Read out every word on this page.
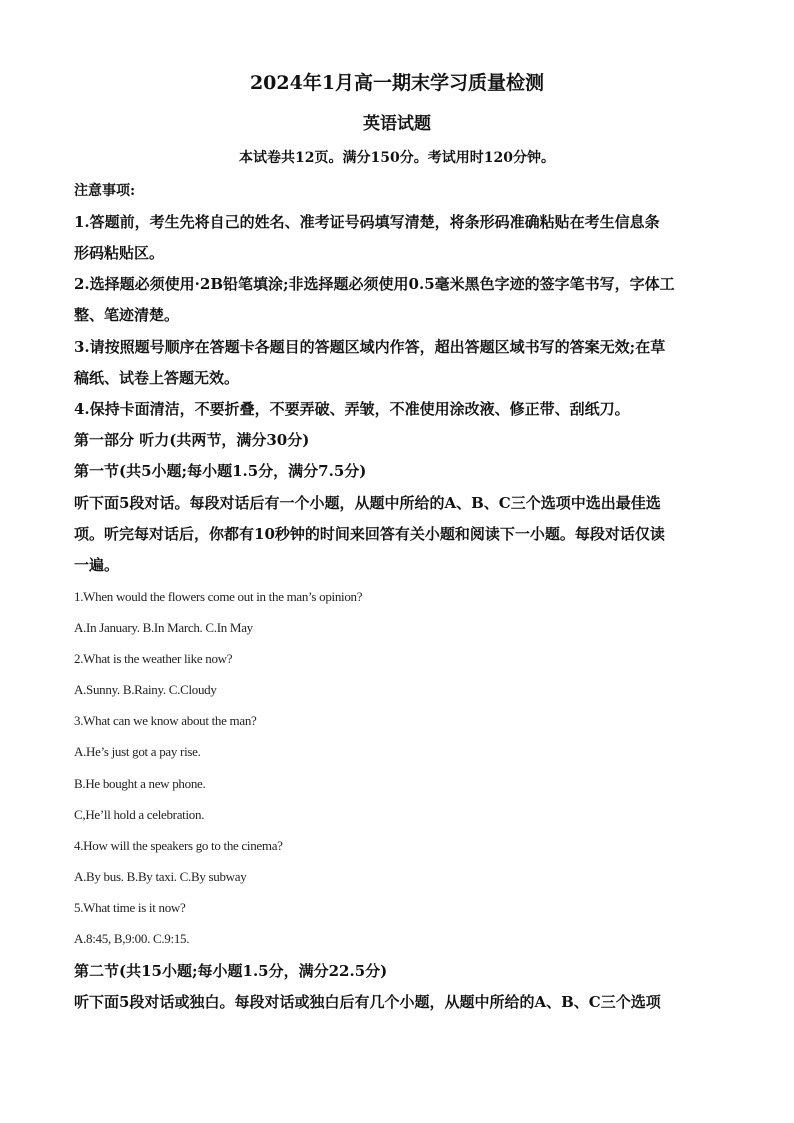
2024年1月高一期末学习质量检测
英语试题
本试卷共12页。满分150分。考试用时120分钟。
注意事项:
1.答题前，考生先将自己的姓名、准考证号码填写清楚，将条形码准确粘贴在考生信息条
形码粘贴区。
2.选择题必须使用·2B铅笔填涂;非选择题必须使用0.5毫米黑色字迹的签字笔书写，字体工
整、笔迹清楚。
3.请按照题号顺序在答题卡各题目的答题区域内作答，超出答题区域书写的答案无效;在草
稿纸、试卷上答题无效。
4.保持卡面清洁，不要折叠，不要弄破、弄皱，不准使用涂改液、修正带、刮纸刀。
第一部分 听力(共两节，满分30分)
第一节(共5小题;每小题1.5分，满分7.5分)
听下面5段对话。每段对话后有一个小题，从题中所给的A、B、C三个选项中选出最佳选
项。听完每对话后，你都有10秒钟的时间来回答有关小题和阅读下一小题。每段对话仅读
一遍。
1.When would the flowers come out in the man’s opinion?
A.In January. B.In March. C.In May
2.What is the weather like now?
A.Sunny. B.Rainy. C.Cloudy
3.What can we know about the man?
A.He’s just got a pay rise.
B.He bought a new phone.
C,He’ll hold a celebration.
4.How will the speakers go to the cinema?
A.By bus. B.By taxi. C.By subway
5.What time is it now?
A.8:45, B,9:00. C.9:15.
第二节(共15小题;每小题1.5分，满分22.5分)
听下面5段对话或独白。每段对话或独白后有几个小题，从题中所给的A、B、C三个选项
